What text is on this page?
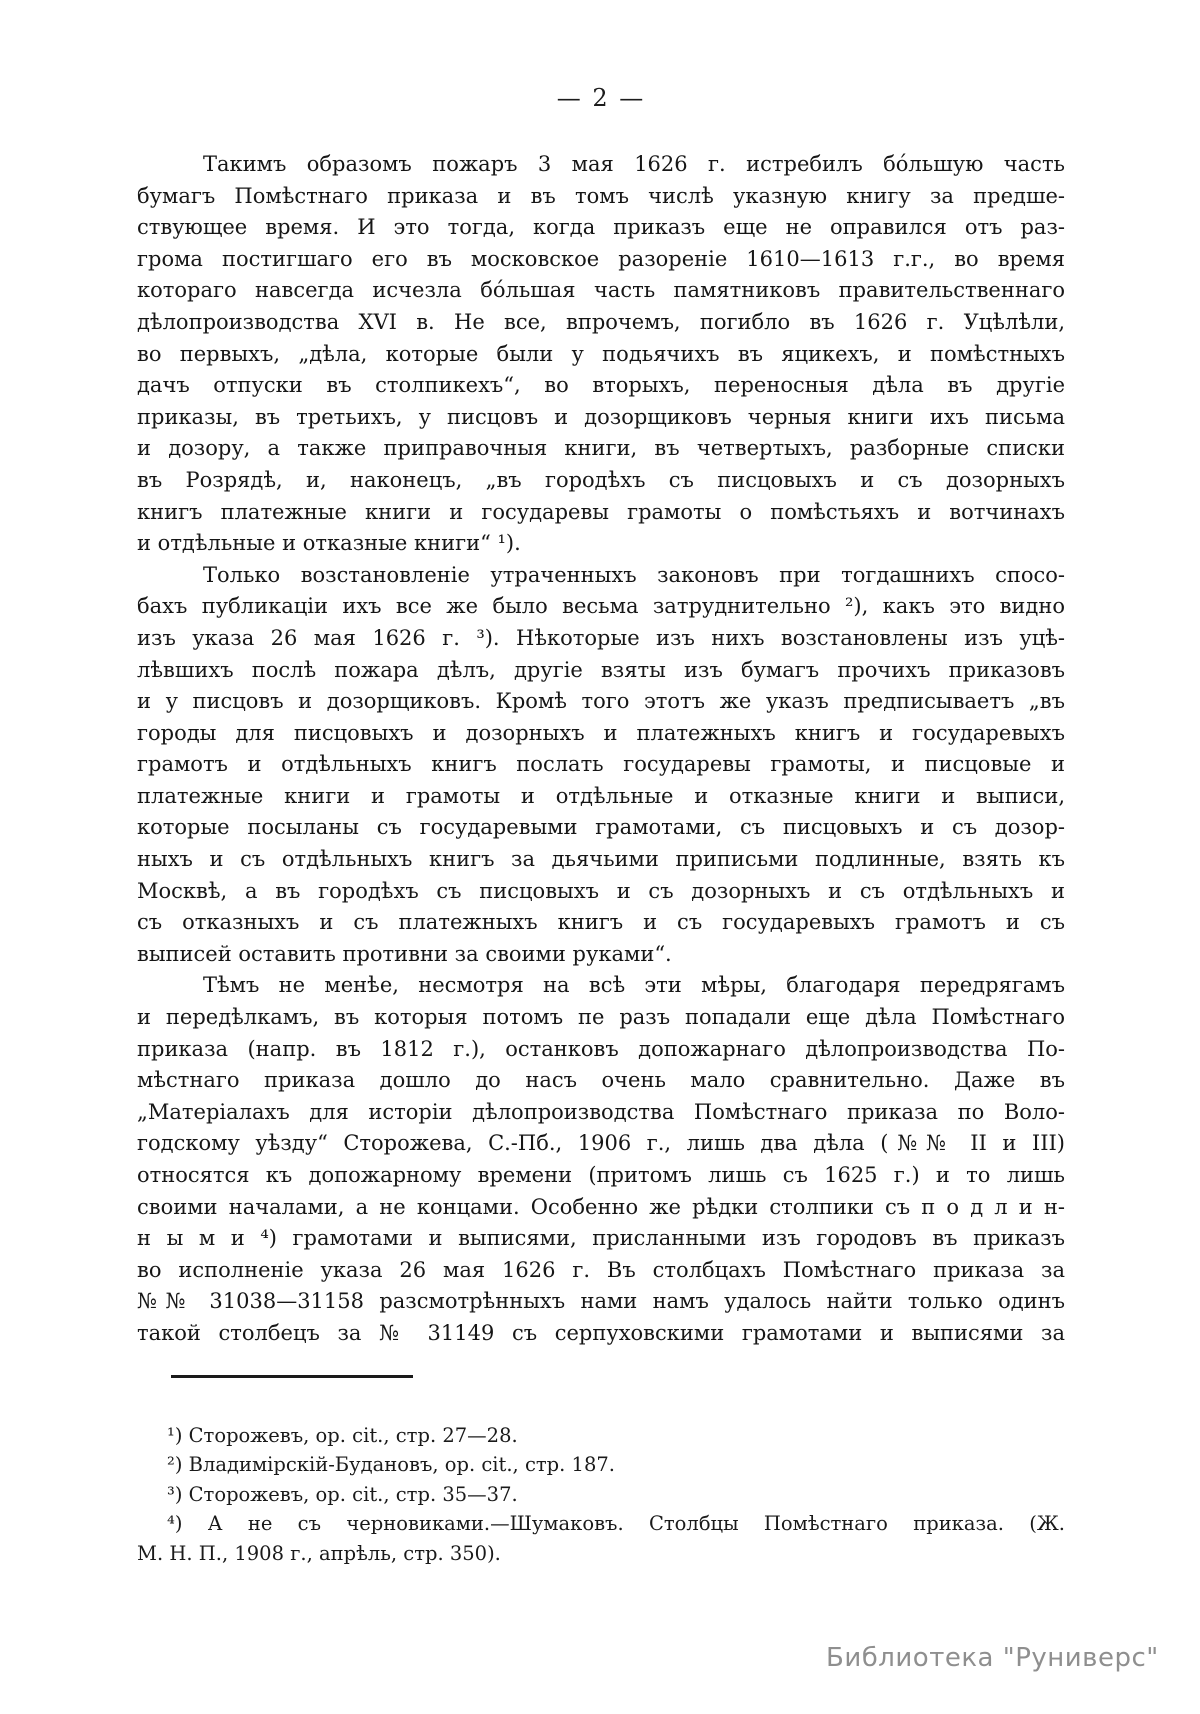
— 2 —
Такимъ образомъ пожаръ 3 мая 1626 г. истребилъ бо́льшую часть
бумагъ Помѣстнаго приказа и въ томъ числѣ указную книгу за предше-
ствующее время. И это тогда, когда приказъ еще не оправился отъ раз-
грома постигшаго его въ московское разореніе 1610—1613 г.г., во время
котораго навсегда исчезла бо́льшая часть памятниковъ правительственнаго
дѣлопроизводства XVI в. Не все, впрочемъ, погибло въ 1626 г. Уцѣлѣли,
во первыхъ, „дѣла, которые были у подьячихъ въ яцикехъ, и помѣстныхъ
дачъ отпуски въ столпикехъ“, во вторыхъ, переносныя дѣла въ другіе
приказы, въ третьихъ, у писцовъ и дозорщиковъ черныя книги ихъ письма
и дозору, а также приправочныя книги, въ четвертыхъ, разборные списки
въ Розрядѣ, и, наконецъ, „въ городѣхъ съ писцовыхъ и съ дозорныхъ
книгъ платежные книги и государевы грамоты о помѣстьяхъ и вотчинахъ
и отдѣльные и отказные книги“ ¹).
Только возстановленіе утраченныхъ законовъ при тогдашнихъ спосо-
бахъ публикаціи ихъ все же было весьма затруднительно ²), какъ это видно
изъ указа 26 мая 1626 г. ³). Нѣкоторые изъ нихъ возстановлены изъ уцѣ-
лѣвшихъ послѣ пожара дѣлъ, другіе взяты изъ бумагъ прочихъ приказовъ
и у писцовъ и дозорщиковъ. Кромѣ того этотъ же указъ предписываетъ „въ
городы для писцовыхъ и дозорныхъ и платежныхъ книгъ и государевыхъ
грамотъ и отдѣльныхъ книгъ послать государевы грамоты, и писцовые и
платежные книги и грамоты и отдѣльные и отказные книги и выписи,
которые посыланы съ государевыми грамотами, съ писцовыхъ и съ дозор-
ныхъ и съ отдѣльныхъ книгъ за дьячьими приписьми подлинные, взять къ
Москвѣ, а въ городѣхъ съ писцовыхъ и съ дозорныхъ и съ отдѣльныхъ и
съ отказныхъ и съ платежныхъ книгъ и съ государевыхъ грамотъ и съ
выписей оставить противни за своими руками“.
Тѣмъ не менѣе, несмотря на всѣ эти мѣры, благодаря передрягамъ
и передѣлкамъ, въ которыя потомъ пе разъ попадали еще дѣла Помѣстнаго
приказа (напр. въ 1812 г.), останковъ допожарнаго дѣлопроизводства По-
мѣстнаго приказа дошло до насъ очень мало сравнительно. Даже въ
„Матеріалахъ для исторіи дѣлопроизводства Помѣстнаго приказа по Воло-
годскому уѣзду“ Сторожева, С.-Пб., 1906 г., лишь два дѣла (№№ II и III)
относятся къ допожарному времени (притомъ лишь съ 1625 г.) и то лишь
своими началами, а не концами. Особенно же рѣдки столпики съ п о д л и н-
н ы м и ⁴) грамотами и выписями, присланными изъ городовъ въ приказъ
во исполненіе указа 26 мая 1626 г. Въ столбцахъ Помѣстнаго приказа за
№№ 31038—31158 разсмотрѣнныхъ нами намъ удалось найти только одинъ
такой столбецъ за № 31149 съ серпуховскими грамотами и выписями за
¹) Сторожевъ, op. cit., стр. 27—28.
²) Владимірскій-Будановъ, op. cit., стр. 187.
³) Сторожевъ, op. cit., стр. 35—37.
⁴) А не съ черновиками.—Шумаковъ. Столбцы Помѣстнаго приказа. (Ж.
М. Н. П., 1908 г., апрѣль, стр. 350).
Библиотека "Руниверс"
